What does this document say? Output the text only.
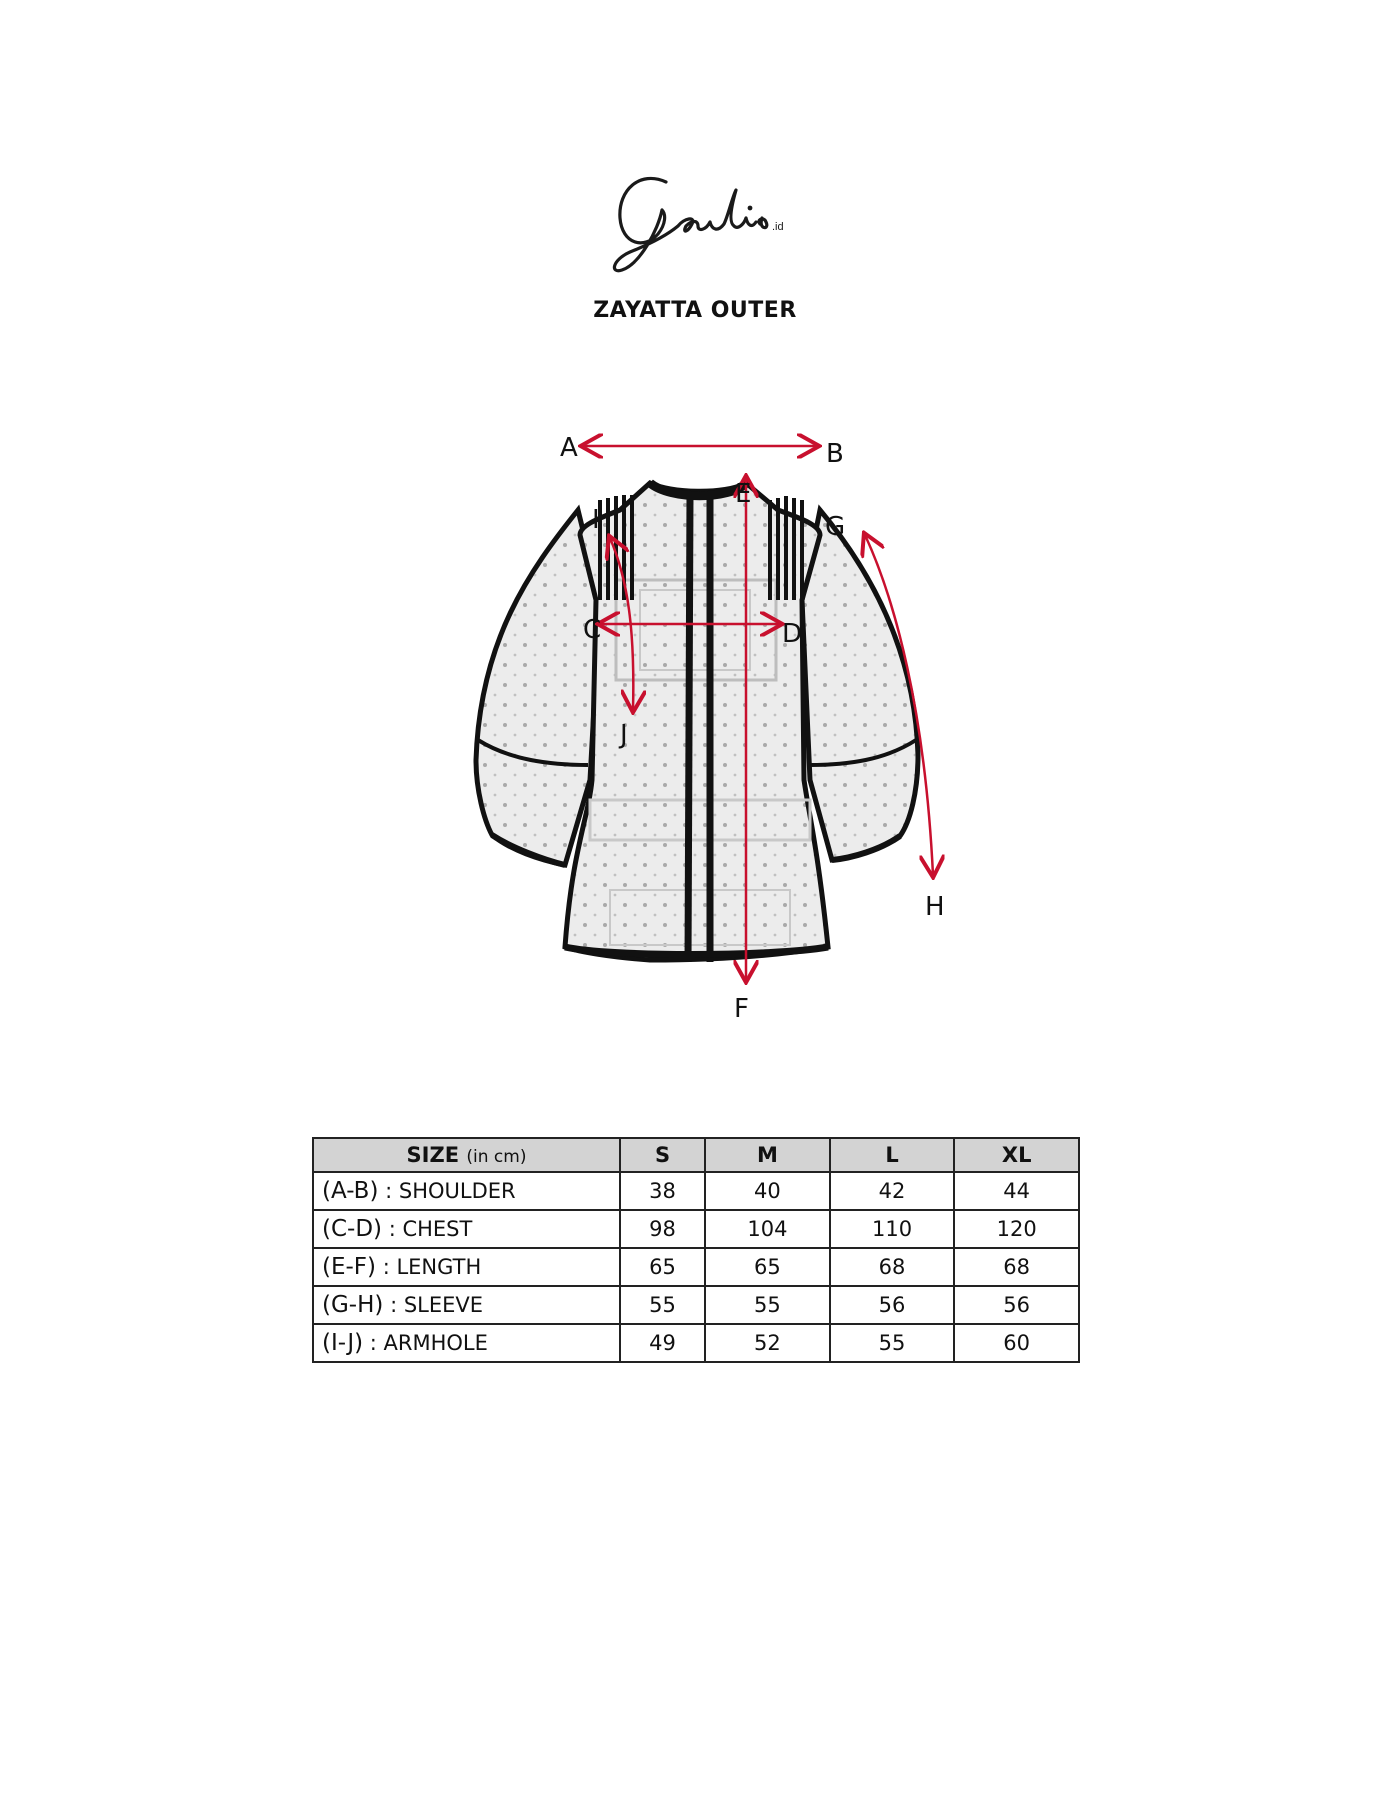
.id
ZAYATTA OUTER
A	B
C	D
E
F
G
H
I
J
SIZE (in cm)	S	M	L	XL
(A-B) : SHOULDER	38	40	42	44
(C-D) : CHEST	98	104	110	120
(E-F) : LENGTH	65	65	68	68
(G-H) : SLEEVE	55	55	56	56
(I-J) : ARMHOLE	49	52	55	60
